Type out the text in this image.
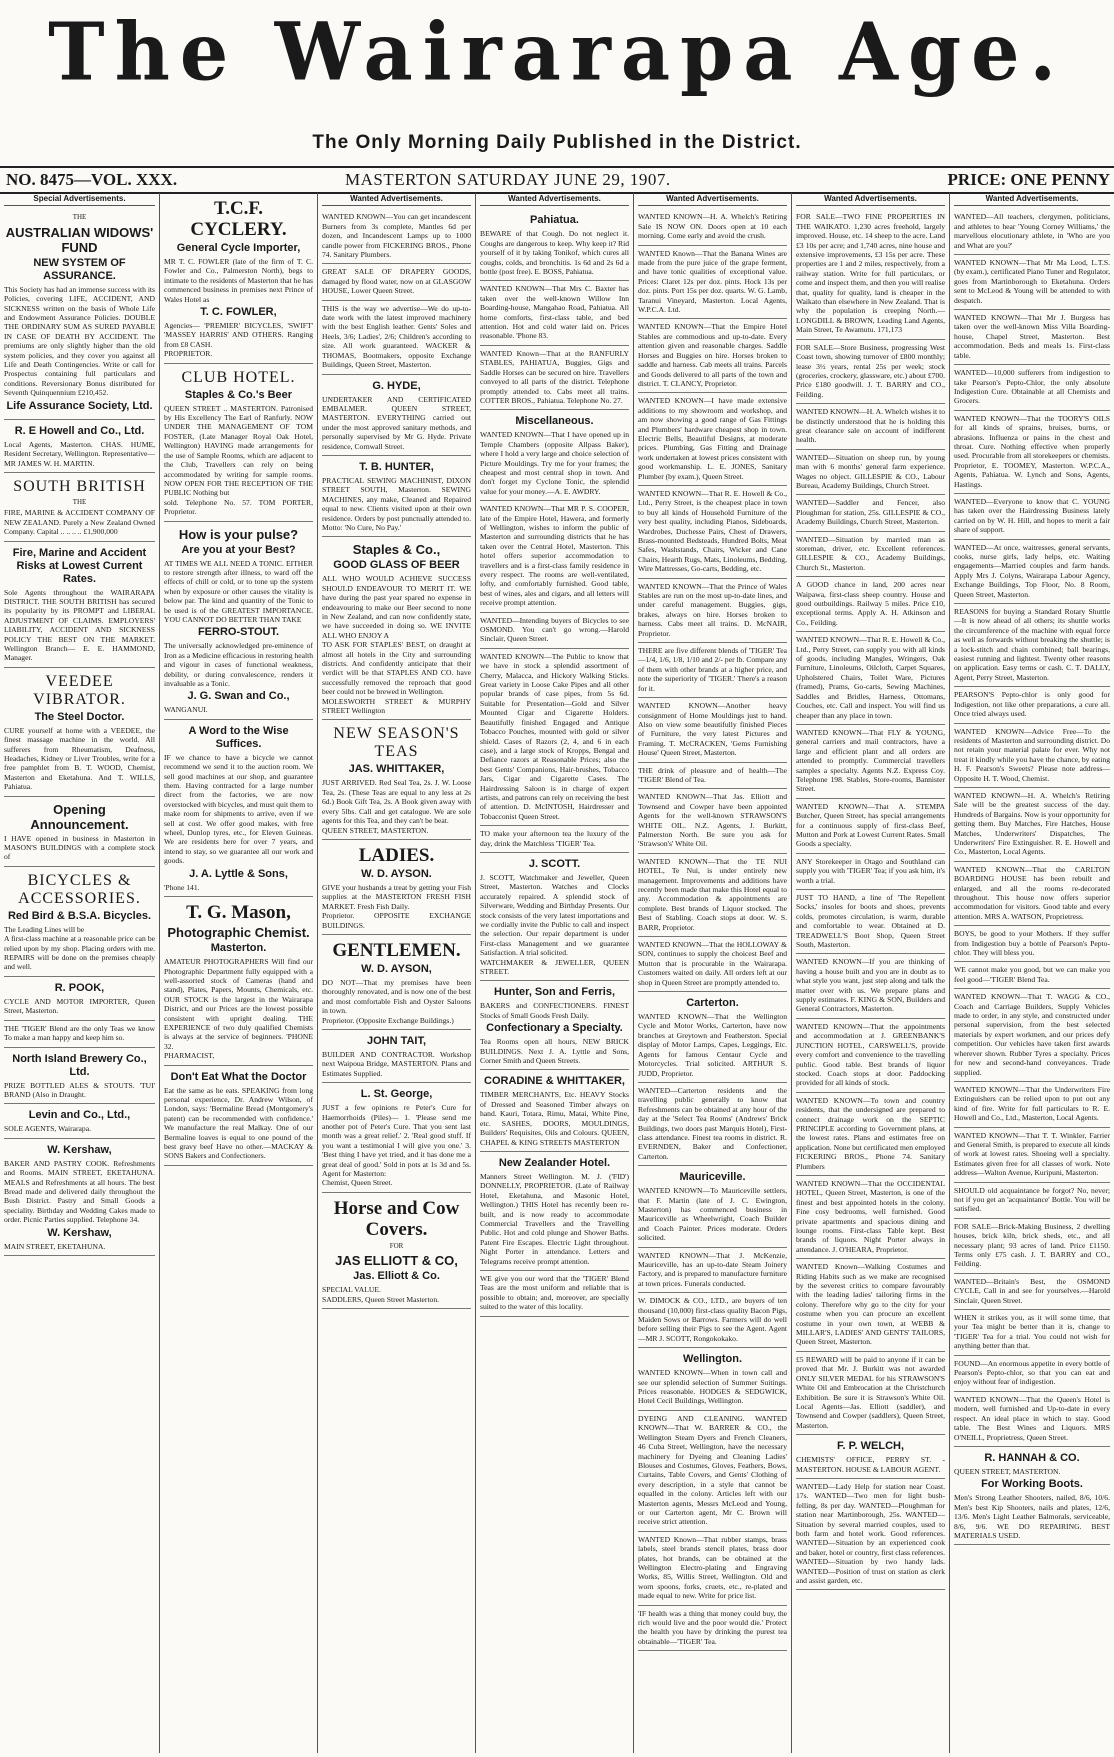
The Wairarapa Age.
The Only Morning Daily Published in the District.
NO. 8475—VOL. XXX.	MASTERTON SATURDAY JUNE 29, 1907.	PRICE: ONE PENNY
Special Advertisements.
THE
AUSTRALIAN WIDOWS' FUND
NEW SYSTEM OF ASSURANCE.

This Society has had an immense success with its Policies, covering LIFE, ACCIDENT, AND SICKNESS written on the basis of Whole Life and Endowment Assurance Policies. DOUBLE THE ORDINARY SUM AS SURED PAYABLE IN CASE OF DEATH BY ACCIDENT. The premiums are only slightly higher than the old system policies, and they cover you against all Life and Death Contingencies. Write or call for Prospectus containing full particulars and conditions. Reversionary Bonus distributed for Seventh Quinquennium £210,452.

Life Assurance Society, Ltd.
R. E Howell and Co., Ltd.

Local Agents, Masterton. CHAS. HUME, Resident Secretary, Wellington. Representative— MR JAMES W. H. MARTIN.

SOUTH BRITISH
THE

FIRE, MARINE & ACCIDENT COMPANY OF NEW ZEALAND. Purely a New Zealand Owned Company. Capital .. .. .. .. £1,900,000

Fire, Marine and Accident Risks at Lowest Current Rates.

Sole Agents throughout the WAIRARAPA DISTRICT. THE SOUTH BRITISH has secured its popularity by its PROMPT and LIBERAL ADJUSTMENT OF CLAIMS. EMPLOYERS' LIABILITY, ACCIDENT AND SICKNESS POLICY THE BEST ON THE MARKET. Wellington Branch— E. E. HAMMOND, Manager.

VEEDEE VIBRATOR.
The Steel Doctor.

CURE yourself at home with a VEEDEE, the finest massage machine in the world. All sufferers from Rheumatism, Deafness, Headaches, Kidney or Liver Troubles, write for a free pamphlet from B. T. WOOD, Chemist, Masterton and Eketahuna. And T. WILLS, Pahiatua.

Opening Announcement.

I HAVE opened in business in Masterton in MASON'S BUILDINGS with a complete stock of

BICYCLES & ACCESSORIES.
Red Bird & B.S.A. Bicycles.

The Leading Lines will be

A first-class machine at a reasonable price can be relied upon by my shop. Placing orders with me. REPAIRS will be done on the premises cheaply and well.

R. POOK,

CYCLE AND MOTOR IMPORTER, Queen Street, Masterton.

THE 'TIGER' Blend are the only Teas we know To make a man happy and keep him so.

North Island Brewery Co., Ltd.

PRIZE BOTTLED ALES & STOUTS. 'TUI' BRAND (Also in Draught.

Levin and Co., Ltd.,

SOLE AGENTS, Wairarapa.

W. Kershaw,

BAKER AND PASTRY COOK. Refreshments and Rooms. MAIN STREET, EKETAHUNA. MEALS and Refreshments at all hours. The best Bread made and delivered daily throughout the Bush District. Pastry and Small Goods a speciality. Birthday and Wedding Cakes made to order. Picnic Parties supplied. Telephone 34.

W. Kershaw,

MAIN STREET, EKETAHUNA.

T.C.F. CYCLERY.
General Cycle Importer,

MR T. C. FOWLER (late of the firm of T. C. Fowler and Co., Palmerston North), begs to intimate to the residents of Masterton that he has commenced business in premises next Prince of Wales Hotel as

T. C. FOWLER,

Agencies— 'PREMIER' BICYCLES, 'SWIFT' 'MASSEY HARRIS' AND OTHERS. Ranging from £8 CASH.

PROPRIETOR.

CLUB HOTEL.
Staples & Co.'s Beer

QUEEN STREET .. MASTERTON. Patronised by His Excellency The Earl of Ranfurly. NOW UNDER THE MANAGEMENT OF TOM FOSTER, (Late Manager Royal Oak Hotel, Wellington) HAVING made arrangements for the use of Sample Rooms, which are adjacent to the Club, Travellers can rely on being accommodated by writing for sample rooms. NOW OPEN FOR THE RECEPTION OF THE PUBLIC Nothing but

sold. Telephone No. 57. TOM PORTER, Proprietor.

How is your pulse?
Are you at your Best?

AT TIMES WE ALL NEED A TONIC. EITHER to restore strength after illness, to ward off the effects of chill or cold, or to tone up the system when by exposure or other causes the vitality is below par. The kind and quantity of the Tonic to be used is of the GREATEST IMPORTANCE. YOU CANNOT DO BETTER THAN TAKE

FERRO-STOUT.

The universally acknowledged pre-eminence of Iron as a Medicine efficacious in restoring health and vigour in cases of functional weakness, debility, or during convalescence, renders it invaluable as a Tonic.

J. G. Swan and Co.,

WANGANUI.

A Word to the Wise Suffices.

IF we chance to have a bicycle we cannot recommend we send it to the auction room. We sell good machines at our shop, and guarantee them. Having contracted for a large number direct from the factories, we are now overstocked with bicycles, and must quit them to make room for shipments to arrive, even if we sell at cost. We offer good makes, with free wheel, Dunlop tyres, etc., for Eleven Guineas. We are residents here for over 7 years, and intend to stay, so we guarantee all our work and goods.

J. A. Lyttle & Sons,

'Phone 141.

T. G. Mason,
Photographic Chemist.
Masterton.

AMATEUR PHOTOGRAPHERS Will find our Photographic Department fully equipped with a well-assorted stock of Cameras (hand and stand), Plates, Papers, Mounts, Chemicals, etc. OUR STOCK is the largest in the Wairarapa District, and our Prices are the lowest possible consistent with upright dealing. THE EXPERIENCE of two duly qualified Chemists is always at the service of beginners. 'PHONE 32.

PHARMACIST,

Don't Eat What the Doctor

Eat the same as he eats. SPEAKING from long personal experience, Dr. Andrew Wilson, of London, says: 'Bermaline Bread (Montgomery's patent) can be recommended with confidence.' We manufacture the real Malkay. One of our Bermaline loaves is equal to one pound of the best gravy beef Have no other.—MACKAY & SONS Bakers and Confectioners.

Wanted Advertisements.

WANTED KNOWN—You can get incandescent Burners from 3s complete, Mantles 6d per dozen, and Incandescent Lamps up to 1000 candle power from FICKERING BROS., Phone 74. Sanitary Plumbers.

GREAT SALE OF DRAPERY GOODS, damaged by flood water, now on at GLASGOW HOUSE, Lower Queen Street.

THIS is the way we advertise—We do up-to-date work with the latest improved machinery with the best English leather. Gents' Soles and Heels, 3/6; Ladies', 2/6; Children's according to size. All work guaranteed. WACKER & THOMAS, Bootmakers, opposite Exchange Buildings, Queen Street, Masterton.

G. HYDE,

UNDERTAKER AND CERTIFICATED EMBALMER. QUEEN STREET, MASTERTON. EVERYTHING carried out under the most approved sanitary methods, and personally supervised by Mr G. Hyde. Private residence, Cornwall Street.

T. B. HUNTER,

PRACTICAL SEWING MACHINIST, DIXON STREET SOUTH, Masterton. SEWING MACHINES, any make, Cleaned and Repaired equal to new. Clients visited upon at their own residence. Orders by post punctually attended to. Motto: 'No Cure, No Pay.'

Staples & Co.,
GOOD GLASS OF BEER

ALL WHO WOULD ACHIEVE SUCCESS SHOULD ENDEAVOUR TO MERIT IT. WE have during the past year spared no expense in endeavouring to make our Beer second to none in New Zealand, and can now confidently state, we have succeeded in doing so. WE INVITE ALL WHO ENJOY A

TO ASK FOR STAPLES' BEST, on draught at almost all hotels in the City and surrounding districts. And confidently anticipate that their verdict will be that STAPLES AND CO. have successfully removed the reproach that good beer could not be brewed in Wellington.

MOLESWORTH STREET & MURPHY STREET Wellington

NEW SEASON'S TEAS
JAS. WHITTAKER,

JUST ARRIVED. Red Seal Tea, 2s. J. W. Loose Tea, 2s. (These Teas are equal to any less at 2s 6d.) Book Gift Tea, 2s. A Book given away with every 5lbs. Call and get catalogue. We are sole agents for this Tea, and they can't be beat.

QUEEN STREET, MASTERTON.

LADIES.
W. D. AYSON.

GIVE your husbands a treat by getting your Fish supplies at the MASTERTON FRESH FISH MARKET. Fresh Fish Daily.

Proprietor. OPPOSITE EXCHANGE BUILDINGS.

GENTLEMEN.
W. D. AYSON,

DO NOT—That my premises have been thoroughly renovated, and is now one of the best and most comfortable Fish and Oyster Saloons in town.

Proprietor. (Opposite Exchange Buildings.)

JOHN TAIT,

BUILDER AND CONTRACTOR. Workshop next Waipoua Bridge, MASTERTON. Plans and Estimates Supplied.

L. St. George,

JUST a few opinions re Peter's Cure for Haemorrhoids (Piles)— 1. 'Please send me another pot of Peter's Cure. That you sent last month was a great relief.' 2. 'Real good stuff. If you want a testimonial I will give you one.' 3. 'Best thing I have yet tried, and it has done me a great deal of good.' Sold in pots at 1s 3d and 5s. Agent for Masterton:

Chemist, Queen Street.

Horse and Cow Covers.
FOR
JAS ELLIOTT & CO,
Jas. Elliott & Co.

SPECIAL VALUE.

SADDLERS, Queen Street Masterton.

Wanted Advertisements.
Pahiatua.

BEWARE of that Cough. Do not neglect it. Coughs are dangerous to keep. Why keep it? Rid yourself of it by taking Tonikof, which cures all coughs, colds, and bronchitis. 1s 6d and 2s 6d a bottle (post free). E. BOSS, Pahiatua.

WANTED KNOWN—That Mrs C. Baxter has taken over the well-known Willow Inn Boarding-house, Mangahao Road, Pahiatua. All home comforts, first-class table, and bed attention. Hot and cold water laid on. Prices reasonable. 'Phone 83.

WANTED Known—That at the RANFURLY STABLES, PAHIATUA, Buggies, Gigs and Saddle Horses can be secured on hire. Travellers conveyed to all parts of the district. Telephone promptly attended to. Cabs meet all trains. COTTER BROS., Pahiatua. Telephone No. 27.

Miscellaneous.

WANTED KNOWN—That I have opened up in Temple Chambers (opposite Allpass Baker), where I hold a very large and choice selection of Picture Mouldings. Try me for your frames; the cheapest and most central shop in town. And don't forget my Cyclone Tonic, the splendid value for your money.—A. E. AWDRY.

WANTED KNOWN—That MR P. S. COOPER, late of the Empire Hotel, Hawera, and formerly of Wellington, wishes to inform the public of Masterton and surrounding districts that he has taken over the Central Hotel, Masterton. This hotel offers superior accommodation to travellers and is a first-class family residence in every respect. The rooms are well-ventilated, lofty, and comfortably furnished. Good table, best of wines, ales and cigars, and all letters will receive prompt attention.

WANTED—Intending buyers of Bicycles to see OSMOND. You can't go wrong.—Harold Sinclair, Queen Street.

WANTED KNOWN—The Public to know that we have in stock a splendid assortment of Cherry, Malacca, and Hickory Walking Sticks. Great variety in Loose Cake Pipes and all other popular brands of case pipes, from 5s 6d. Suitable for Presentation—Gold and Silver Mounted Cigar and Cigarette Holders. Beautifully finished Engaged and Antique Tobacco Pouches, mounted with gold or silver shield. Cases of Razors (2, 4, and 6 in each case), and a large stock of Kropps, Bengal and Defiance razors at Reasonable Prices; also the best Gents' Companions, Hair-brushes, Tobacco Jars, Cigar and Cigarette Cases. The Hairdressing Saloon is in charge of expert artists, and patrons can rely on receiving the best of attention. D. McINTOSH, Hairdresser and Tobacconist Queen Street.

TO make your afternoon tea the luxury of the day, drink the Matchless 'TIGER' Tea.

J. SCOTT.

J. SCOTT, Watchmaker and Jeweller, Queen Street, Masterton. Watches and Clocks accurately repaired. A splendid stock of Silverware, Wedding and Birthday Presents. Our stock consists of the very latest importations and we cordially invite the Public to call and inspect the selection. Our repair department is under First-class Management and we guarantee Satisfaction. A trial solicited.

WATCHMAKER & JEWELLER, QUEEN STREET.

Hunter, Son and Ferris,

BAKERS and CONFECTIONERS. FINEST Stocks of Small Goods Fresh Daily.

Confectionary a Specialty.

Tea Rooms open all hours, NEW BRICK BUILDINGS. Next J. A. Lyttle and Sons, Corner Smith and Queen Streets.

CORADINE & WHITTAKER,

TIMBER MERCHANTS, Etc. HEAVY Stocks of Dressed and Seasoned Timber always on hand. Kauri, Totara, Rimu, Matai, White Pine, etc. SASHES, DOORS, MOULDINGS, Builders' Requisites, Oils and Colours. QUEEN, CHAPEL & KING STREETS MASTERTON

New Zealander Hotel.

Manners Street Wellington. M. J. ('FID') DONNELLY, PROPRIETOR. (Late of Railway Hotel, Eketahuna, and Masonic Hotel, Wellington.) THIS Hotel has recently been re-built, and is now ready to accommodate Commercial Travellers and the Travelling Public. Hot and cold plunge and Shower Baths. Patent Fire Escapes. Electric Light throughout. Night Porter in attendance. Letters and Telegrams receive prompt attention.

WE give you our word that the 'TIGER' Blend Teas are the most uniform and reliable that is possible to obtain; and, moreover, are specially suited to the water of this locality.

Wanted Advertisements.

WANTED KNOWN—H. A. Whelch's Retiring Sale IS NOW ON. Doors open at 10 each morning. Come early and avoid the crush.

WANTED Known—That the Banana Wines are made from the pure juice of the grape ferment, and have tonic qualities of exceptional value. Prices: Claret 12s per doz. pints. Hock 13s per doz. pints. Port 15s per doz. quarts. W. G. Lamb, Taranui Vineyard, Masterton. Local Agents, W.P.C.A. Ltd.

WANTED KNOWN—That the Empire Hotel Stables are commodious and up-to-date. Every attention given and reasonable charges. Saddle Horses and Buggies on hire. Horses broken to saddle and harness. Cab meets all trains. Parcels and Goods delivered to all parts of the town and district. T. CLANCY, Proprietor.

WANTED KNOWN—I have made extensive additions to my showroom and workshop, and am now showing a good range of Gas Fittings and Plumbers' hardware cheapest shop in town. Electric Bells, Beautiful Designs, at moderate prices. Plumbing, Gas Fitting and Drainage work undertaken at lowest prices consistent with good workmanship. L. E. JONES, Sanitary Plumber (by exam.), Queen Street.

WANTED KNOWN—That R. E. Howell & Co., Ltd., Perry Street, is the cheapest place in town to buy all kinds of Household Furniture of the very best quality, including Pianos, Sideboards, Wardrobes, Duchesse Pairs, Chest of Drawers, Brass-mounted Bedsteads, Hundred Bolts, Meat Safes, Washstands, Chairs, Wicker and Cane Chairs, Hearth Rugs, Mats, Linoleums, Bedding, Wire Mattresses, Go-carts, Bedding, etc.

WANTED KNOWN—That the Prince of Wales Stables are run on the most up-to-date lines, and under careful management. Buggies, gigs, brakes, always on hire. Horses broken to harness. Cabs meet all trains. D. McNAIR, Proprietor.

THERE are five different blends of 'TIGER' Tea—1/4, 1/6, 1/8, 1/10 and 2/- per lb. Compare any of them with other brands at a higher price, and note the superiority of 'TIGER.' There's a reason for it.

WANTED KNOWN—Another heavy consignment of Home Mouldings just to hand. Also on view some beautifully finished Pieces of Furniture, the very latest Pictures and Framing. T. McCRACKEN, 'Gems Furnishing House' Queen Street, Masterton.

THE drink of pleasure and of health—The 'TIGER' Blend of Tea.

WANTED KNOWN—That Jas. Elliott and Townsend and Cowper have been appointed Agents for the well-known STRAWSON'S WHITE OIL. N.Z. Agents, J. Burkitt, Palmerston North. Be sure you ask for 'Strawson's' White Oil.

WANTED KNOWN—That the TE NUI HOTEL, Te Nui, is under entirely new management. Improvements and additions have recently been made that make this Hotel equal to any. Accommodation & appointments are complete. Best brands of Liquor stocked. The Best of Stabling. Coach stops at door. W. S. BARR, Proprietor.

WANTED KNOWN—That the HOLLOWAY & SON, continues to supply the choicest Beef and Mutton that is procurable in the Wairarapa. Customers waited on daily. All orders left at our shop in Queen Street are promptly attended to.

Carterton.

WANTED KNOWN—That the Wellington Cycle and Motor Works, Carterton, have now branches at Greytown and Featherston. Special display of Motor Lamps, Capes, Leggings, Etc. Agents for famous Centaur Cycle and Motorcycles. Trial solicited. ARTHUR S. JUDD, Proprietor.

WANTED—Carterton residents and the travelling public generally to know that Refreshments can be obtained at any hour of the day at the 'Select Tea Rooms' (Andrews' Brick Buildings, two doors past Marquis Hotel), First-class attendance. Finest tea rooms in district. R. EVERNDEN, Baker and Confectioner, Carterton.

Mauriceville.

WANTED KNOWN—To Mauriceville settlers, that F. Martin (late of J. C. Ewington, Masterton) has commenced business in Mauriceville as Wheelwright, Coach Builder and Coach Painter. Prices moderate. Orders solicited.

WANTED KNOWN—That J. McKenzie, Mauriceville, has an up-to-date Steam Joinery Factory, and is prepared to manufacture furniture at town prices. Funerals conducted.

W. DIMOCK & CO., LTD., are buyers of ten thousand (10,000) first-class quality Bacon Pigs, Maiden Sows or Barrows. Farmers will do well before selling their Pigs to see the Agent. Agent—MR J. SCOTT, Rongokokako.

Wellington.

WANTED KNOWN—When in town call and see our splendid selection of Summer Suitings. Prices reasonable. HODGES & SEDGWICK, Hotel Cecil Buildings, Wellington.

DYEING AND CLEANING. WANTED KNOWN—That W. BARRER & CO., the Wellington Steam Dyers and French Cleaners, 46 Cuba Street, Wellington, have the necessary machinery for Dyeing and Cleaning Ladies' Blouses and Costumes, Gloves, Feathers, Bows, Curtains, Table Covers, and Gents' Clothing of every description, in a style that cannot be equalled in the colony. Articles left with our Masterton agents, Messrs McLeod and Young, or our Carterton agent, Mr C. Brown will receive strict attention.

WANTED Known—That rubber stamps, brass labels, steel brands stencil plates, brass door plates, hot brands, can be obtained at the Wellington Electro-plating and Engraving Works, 85, Willis Street, Wellington. Old and worn spoons, forks, cruets, etc., re-plated and made equal to new. Write for price list.

'IF health was a thing that money could buy, the rich would live and the poor would die.' Protect the health you have by drinking the purest tea obtainable—'TIGER' Tea.

Wanted Advertisements.

FOR SALE—TWO FINE PROPERTIES IN THE WAIKATO. 1,230 acres freehold, largely improved. House, etc. 14 sheep to the acre. Land £3 10s per acre; and 1,740 acres, nine house and extensive improvements, £3 15s per acre. These properties are 1 and 2 miles, respectively, from a railway station. Write for full particulars, or come and inspect them, and then you will realise that, quality for quality, land is cheaper in the Waikato than elsewhere in New Zealand. That is why the population is creeping North.—LONGDILL & BROWN, Leading Land Agents, Main Street, Te Awamutu. 171,173

FOR SALE—Store Business, progressing West Coast town, showing turnover of £800 monthly; lease 3½ years, rental 25s per week; stock (groceries, crockery, glassware, etc.) about £700. Price £180 goodwill. J. T. BARRY and CO., Feilding.

WANTED KNOWN—H. A. Whelch wishes it to be distinctly understood that he is holding this great clearance sale on account of indifferent health.

WANTED—Situation on sheep run, by young man with 6 months' general farm experience. Wages no object. GILLESPIE & CO., Labour Bureau, Academy Buildings, Church Street.

WANTED—Saddler and Fencer, also Ploughman for station, 25s. GILLESPIE & CO., Academy Buildings, Church Street, Masterton.

WANTED—Situation by married man as storeman, driver, etc. Excellent references. GILLESPIE & CO., Academy Buildings, Church St., Masterton.

A GOOD chance in land, 200 acres near Waipawa, first-class sheep country. House and good outbuildings. Railway 5 miles. Price £10, exceptional terms. Apply A. H. Atkinson and Co., Feilding.

WANTED KNOWN—That R. E. Howell & Co., Ltd., Perry Street, can supply you with all kinds of goods, including Mangles, Wringers, Oak Furniture, Linoleums, Oilcloth, Carpet Squares, Upholstered Chairs, Toilet Ware, Pictures (framed), Prams, Go-carts, Sewing Machines, Saddles and Bridles, Harness, Ottomans, Couches, etc. Call and inspect. You will find us cheaper than any place in town.

WANTED KNOWN—That FLY & YOUNG, general carriers and mail contractors, have a large and efficient plant and all orders are attended to promptly. Commercial travellers samples a specialty. Agents N.Z. Express Coy. Telephone 198. Stables, Store-rooms, Bannister Street.

WANTED KNOWN—That A. STEMPA Butcher, Queen Street, has special arrangements for a continuous supply of first-class Beef, Mutton and Pork at Lowest Current Rates. Small Goods a specialty.

ANY Storekeeper in Otago and Southland can supply you with 'TIGER' Tea; if you ask him, it's worth a trial.

JUST TO HAND, a line of 'The Repellent Socks,' insoles for boots and shoes, prevents colds, promotes circulation, is warm, durable and comfortable to wear. Obtained at D. TREADWELL'S Boot Shop, Queen Street South, Masterton.

WANTED KNOWN—If you are thinking of having a house built and you are in doubt as to what style you want, just step along and talk the matter over with us. We prepare plans and supply estimates. F. KING & SON, Builders and General Contractors, Masterton.

WANTED KNOWN—That the appointments and accommodation at J. GREENBANK'S JUNCTION HOTEL, CARSWELL'S, provide every comfort and convenience to the travelling public. Good table. Best brands of liquor stocked. Coach stops at door. Paddocking provided for all kinds of stock.

WANTED KNOWN—To town and country residents, that the undersigned are prepared to connect drainage work on the SEPTIC PRINCIPLE according to Government plans, at the lowest rates. Plans and estimates free on application. None but certificated men employed FICKERING BROS., Phone 74. Sanitary Plumbers

WANTED KNOWN—That the OCCIDENTAL HOTEL, Queen Street, Masterton, is one of the finest and best appointed hotels in the colony. Fine cosy bedrooms, well furnished. Good private apartments and spacious dining and lounge rooms. First-class Table kept. Best brands of liquors. Night Porter always in attendance. J. O'HEARA, Proprietor.

WANTED Known—Walking Costumes and Riding Habits such as we make are recognised by the severest critics to compare favourably with the leading ladies' tailoring firms in the colony. Therefore why go to the city for your costume when you can procure an excellent costume in your own town, at WEBB & MILLAR'S, LADIES' AND GENTS' TAILORS, Queen Street, Masterton.

£5 REWARD will be paid to anyone if it can be proved that Mr. J. Burkitt was not awarded ONLY SILVER MEDAL for his STRAWSON'S White Oil and Embrocation at the Christchurch Exhibition. Be sure it is Strawson's White Oil. Local Agents—Jas. Elliott (saddler), and Townsend and Cowper (saddlers), Queen Street, Masterton.

F. P. WELCH,

CHEMISTS' OFFICE, PERRY ST. - MASTERTON. HOUSE & LABOUR AGENT.

WANTED—Lady Help for station near Coast. 17s. WANTED—Two men for light bush-felling, 8s per day. WANTED—Ploughman for station near Martinborough, 25s. WANTED—Situation by several married couples, used to both farm and hotel work. Good references. WANTED—Situation by an experienced cook and baker, hotel or country, first class references. WANTED—Situation by two handy lads. WANTED—Position of trust on station as clerk and assist garden, etc.

Wanted Advertisements.

WANTED—All teachers, clergymen, politicians, and athletes to hear 'Young Corney Williams,' the marvellous elocutionary athlete, in 'Who are you and What are you?'

WANTED KNOWN—That Mr Ma Leod, L.T.S. (by exam.), certificated Piano Tuner and Regulator, goes from Martinborough to Eketahuna. Orders sent to McLeod & Young will be attended to with despatch.

WANTED KNOWN—That Mr J. Burgess has taken over the well-known Miss Villa Boarding-house, Chapel Street, Masterton. Best accommodation. Beds and meals 1s. First-class table.

WANTED—10,000 sufferers from indigestion to take Pearson's Pepto-Chlor, the only absolute Indigestion Cure. Obtainable at all Chemists and Grocers.

WANTED KNOWN—That the TOORY'S OILS for all kinds of sprains, bruises, burns, or abrasions. Influenza or pains in the chest and throat. Cure. Nothing effective when properly used. Procurable from all storekeepers or chemists. Proprietor, E. TOOMEY, Masterton. W.P.C.A., Agents, Pahiatua. W. Lynch and Sons, Agents, Hastings.

WANTED—Everyone to know that C. YOUNG has taken over the Hairdressing Business lately carried on by W. H. Hill, and hopes to merit a fair share of support.

WANTED—At once, waitresses, general servants, cooks, nurse girls, lady helps, etc. Waiting engagements—Married couples and farm hands. Apply Mrs J. Colyns, Wairarapa Labour Agency, Exchange Buildings, Top Floor, No. 8 Room, Queen Street, Masterton.

REASONS for buying a Standard Rotary Shuttle—It is now ahead of all others; its shuttle works the circumference of the machine with equal force as well as forwards without breaking the shuttle; is a lock-stitch and chain combined; ball bearings, easiest running and lightest. Twenty other reasons on application. Easy terms or cash. C. T. DALLY, Agent, Perry Street, Masterton.

PEARSON'S Pepto-chlor is only good for Indigestion, not like other preparations, a cure all. Once tried always used.

WANTED KNOWN—Advice Free—To the residents of Masterton and surrounding district. Do not retain your material palate for ever. Why not treat it kindly while you have the chance, by eating H. F. Pearson's Sweets? Please note address—Opposite H. T. Wood, Chemist.

WANTED KNOWN—H. A. Whelch's Retiring Sale will be the greatest success of the day. Hundreds of Bargains. Now is your opportunity for getting them. Buy Matches, Fire Hatches, House Matches, Underwriters' Dispatches, The Underwriters' Fire Extinguisher. R. E. Howell and Co., Masterton, Local Agents.

WANTED KNOWN—That the CARLTON BOARDING HOUSE has been rebuilt and enlarged, and all the rooms re-decorated throughout. This house now offers superior accommodation for visitors. Good table and every attention. MRS A. WATSON, Proprietress.

BOYS, be good to your Mothers. If they suffer from Indigestion buy a bottle of Pearson's Pepto-chlor. They will bless you.

WE cannot make you good, but we can make you feel good—'TIGER' Blend Tea.

WANTED KNOWN—That T. WAGG & CO., Coach and Carriage Builders, Supply Vehicles made to order, in any style, and constructed under personal supervision, from the best selected materials by expert workmen, and our prices defy competition. Our vehicles have taken first awards wherever shown. Rubber Tyres a specialty. Prices for new and second-hand conveyances. Trade supplied.

WANTED KNOWN—That the Underwriters Fire Extinguishers can be relied upon to put out any kind of fire. Write for full particulars to R. E. Howell and Co., Ltd., Masterton, Local Agents.

WANTED KNOWN—That T. T. Winkler, Farrier and General Smith, is prepared to execute all kinds of work at lowest rates. Shoeing well a specialty. Estimates given free for all classes of work. Note address—Walton Avenue, Kuripuni, Masterton.

SHOULD old acquaintance be forgot? No, never; not if you get an 'acquaintance' Bottle. You will be satisfied.

FOR SALE—Brick-Making Business, 2 dwelling houses, brick kiln, brick sheds, etc., and all necessary plant; 93 acres of land. Price £1150. Terms only £75 cash. J. T. BARRY and CO., Feilding.

WANTED—Britain's Best, the OSMOND CYCLE, Call in and see for yourselves.—Harold Sinclair, Queen Street.

WHEN it strikes you, as it will some time, that your Tea might be better than it is, change to 'TIGER' Tea for a trial. You could not wish for anything better than that.

FOUND—An enormous appetite in every bottle of Pearson's Pepto-chlor, so that you can eat and enjoy without fear of indigestion.

WANTED KNOWN—That the Queen's Hotel is modern, well furnished and Up-to-date in every respect. An ideal place in which to stay. Good table. The Best Wines and Liquors. MRS O'NEILL, Proprietress, Queen Street.

R. HANNAH & CO.

QUEEN STREET, MASTERTON.

For Working Boots.

Men's Strong Leather Shooters, nailed, 8/6, 10/6. Men's best Kip Shooters, nails and plates, 12/6, 13/6. Men's Light Leather Balmorals, serviceable, 8/6, 9/6. WE DO REPAIRING. BEST MATERIALS USED.
